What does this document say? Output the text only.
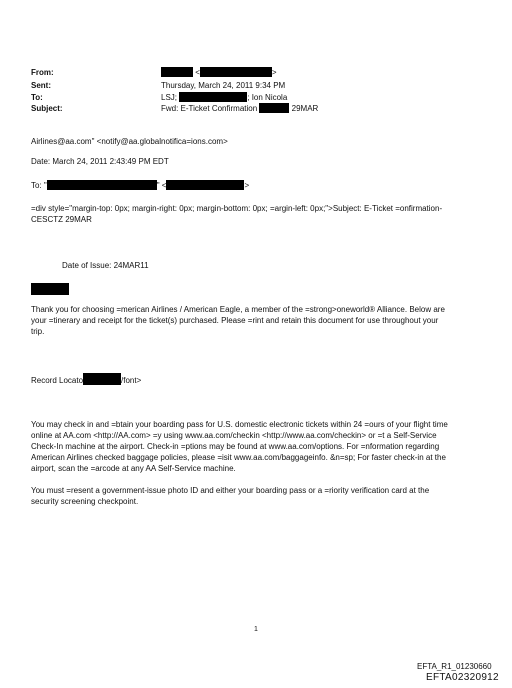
From:	<	>
Sent:	Thursday, March 24, 2011 9:34 PM
To:	LSJ;	; Ion Nicola
Subject:	Fwd: E-Ticket Confirmation	29MAR
Airlines@aa.com" <notify@aa.globalnotifica=ions.com>
Date: March 24, 2011 2:43:49 PM EDT
To: "	" <	>
=div style="margin-top: 0px; margin-right: 0px; margin-bottom: 0px; =argin-left: 0px;">Subject: E-Ticket =onfirmation-
CESCTZ 29MAR
Date of Issue: 24MAR11
Thank you for choosing =merican Airlines / American Eagle, a member of the =strong>oneworld® Alliance. Below are
your =tinerary and receipt for the ticket(s) purchased. Please =rint and retain this document for use throughout your
trip.
Record Locato	/font>
You may check in and =btain your boarding pass for U.S. domestic electronic tickets within 24 =ours of your flight time
online at AA.com <http://AA.com> =y using www.aa.com/checkin <http://www.aa.com/checkin> or =t a Self-Service
Check-In machine at the airport. Check-in =ptions may be found at www.aa.com/options. For =nformation regarding
American Airlines checked baggage policies, please =isit www.aa.com/baggageinfo. &n=sp; For faster check-in at the
airport, scan the =arcode at any AA Self-Service machine.
You must =resent a government-issue photo ID and either your boarding pass or a =riority verification card at the
security screening checkpoint.
1
EFTA_R1_01230660
EFTA02320912
